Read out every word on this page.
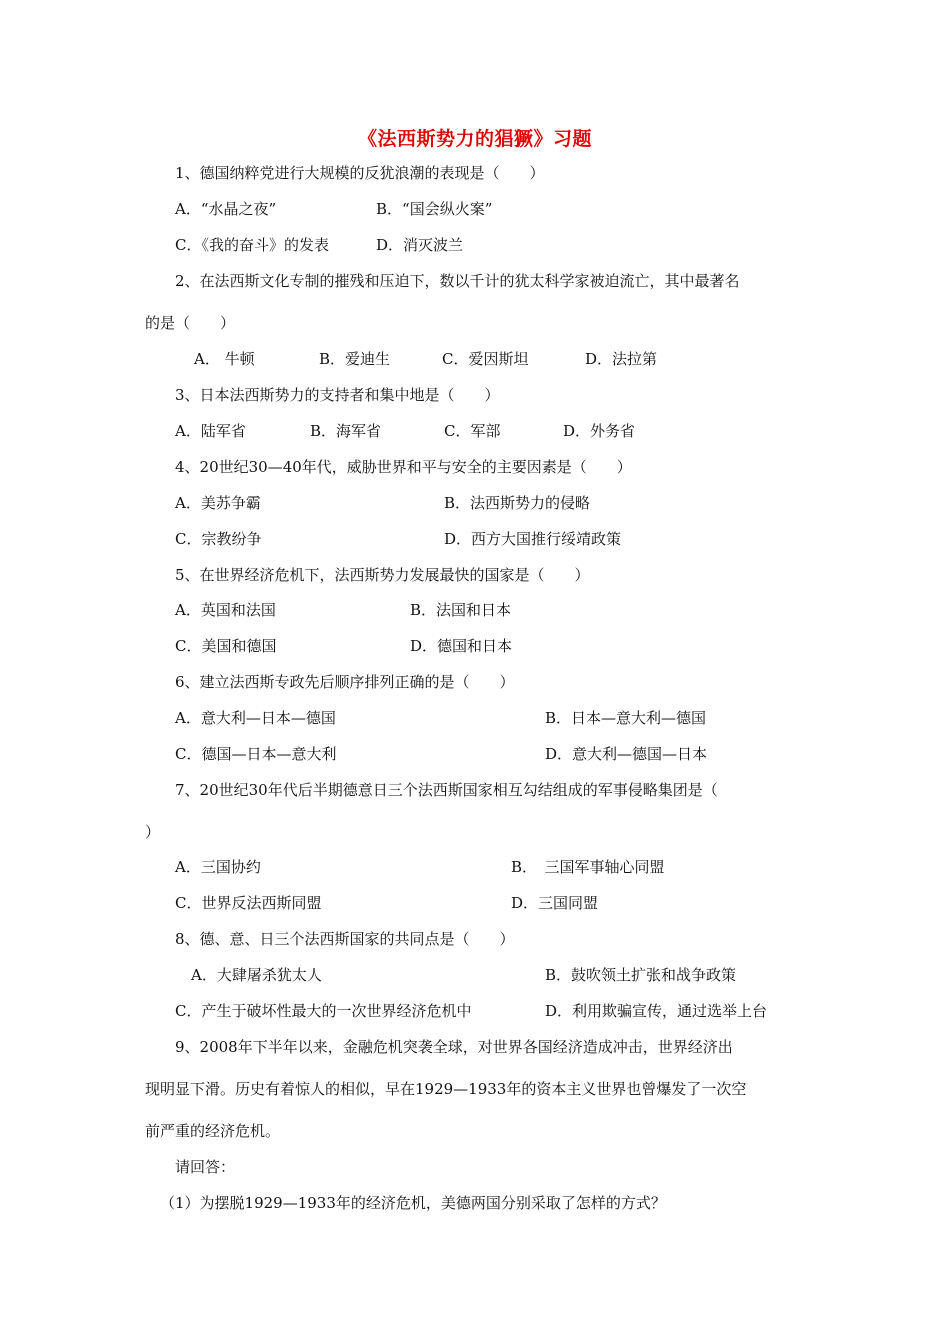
《法西斯势力的猖獗》习题
1、德国纳粹党进行大规模的反犹浪潮的表现是（　　）
A．“水晶之夜”	B．“国会纵火案”
C．《我的奋斗》的发表	D．消灭波兰
2、在法西斯文化专制的摧残和压迫下，数以千计的犹太科学家被迫流亡，其中最著名
的是（　　）
A． 牛顿	B．爱迪生	C．爱因斯坦	D．法拉第
3、日本法西斯势力的支持者和集中地是（　　）
A．陆军省	B．海军省	C．军部	D．外务省
4、20世纪30—40年代，威胁世界和平与安全的主要因素是（　　）
A．美苏争霸	B．法西斯势力的侵略
C．宗教纷争	D．西方大国推行绥靖政策
5、在世界经济危机下，法西斯势力发展最快的国家是（　　）
A．英国和法国	B．法国和日本
C．美国和德国	D．德国和日本
6、建立法西斯专政先后顺序排列正确的是（　　）
A．意大利—日本—德国	B．日本—意大利—德国
C．德国—日本—意大利	D．意大利—德国—日本
7、20世纪30年代后半期德意日三个法西斯国家相互勾结组成的军事侵略集团是（
）
A．三国协约	B．　三国军事轴心同盟
C．世界反法西斯同盟	D．三国同盟
8、德、意、日三个法西斯国家的共同点是（　　）
A．大肆屠杀犹太人	B．鼓吹领土扩张和战争政策
C．产生于破坏性最大的一次世界经济危机中	D．利用欺骗宣传，通过选举上台
9、2008年下半年以来，金融危机突袭全球，对世界各国经济造成冲击，世界经济出
现明显下滑。历史有着惊人的相似，早在1929—1933年的资本主义世界也曾爆发了一次空
前严重的经济危机。
请回答：
（1）为摆脱1929—1933年的经济危机，美德两国分别采取了怎样的方式？
